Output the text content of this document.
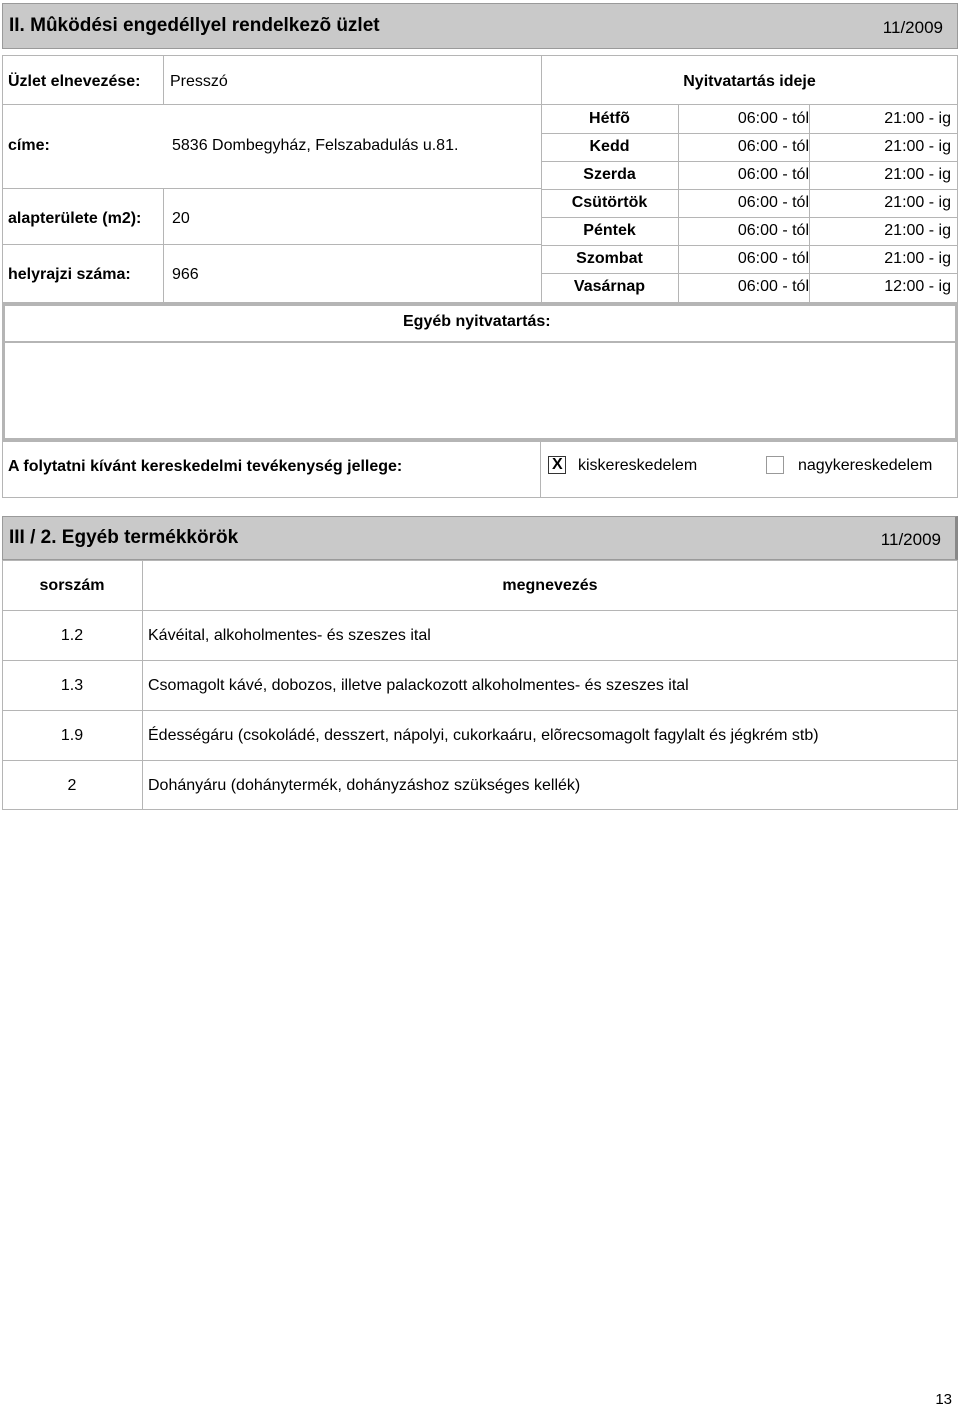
II. Mûködési engedéllyel rendelkezõ üzlet	11/2009
Üzlet elnevezése: Presszó
címe:	5836 Dombegyház, Felszabadulás u.81.
alapterülete (m2): 20
helyrajzi száma:	966
Nyitvatartás ideje
Hétfõ	06:00 - tól	21:00 - ig
Kedd	06:00 - tól	21:00 - ig
Szerda	06:00 - tól	21:00 - ig
Csütörtök	06:00 - tól	21:00 - ig
Péntek	06:00 - tól	21:00 - ig
Szombat	06:00 - tól	21:00 - ig
Vasárnap	06:00 - tól	12:00 - ig
Egyéb nyitvatartás:
A folytatni kívánt kereskedelmi tevékenység jellege:	X kiskereskedelem	nagykereskedelem
III / 2. Egyéb termékkörök	11/2009
sorszám	megnevezés
1.2	Kávéital, alkoholmentes- és szeszes ital
1.3	Csomagolt kávé, dobozos, illetve palackozott alkoholmentes- és szeszes ital
1.9	Édességáru (csokoládé, desszert, nápolyi, cukorkaáru, elõrecsomagolt fagylalt és jégkrém stb)
2	Dohányáru (dohánytermék, dohányzáshoz szükséges kellék)
13
